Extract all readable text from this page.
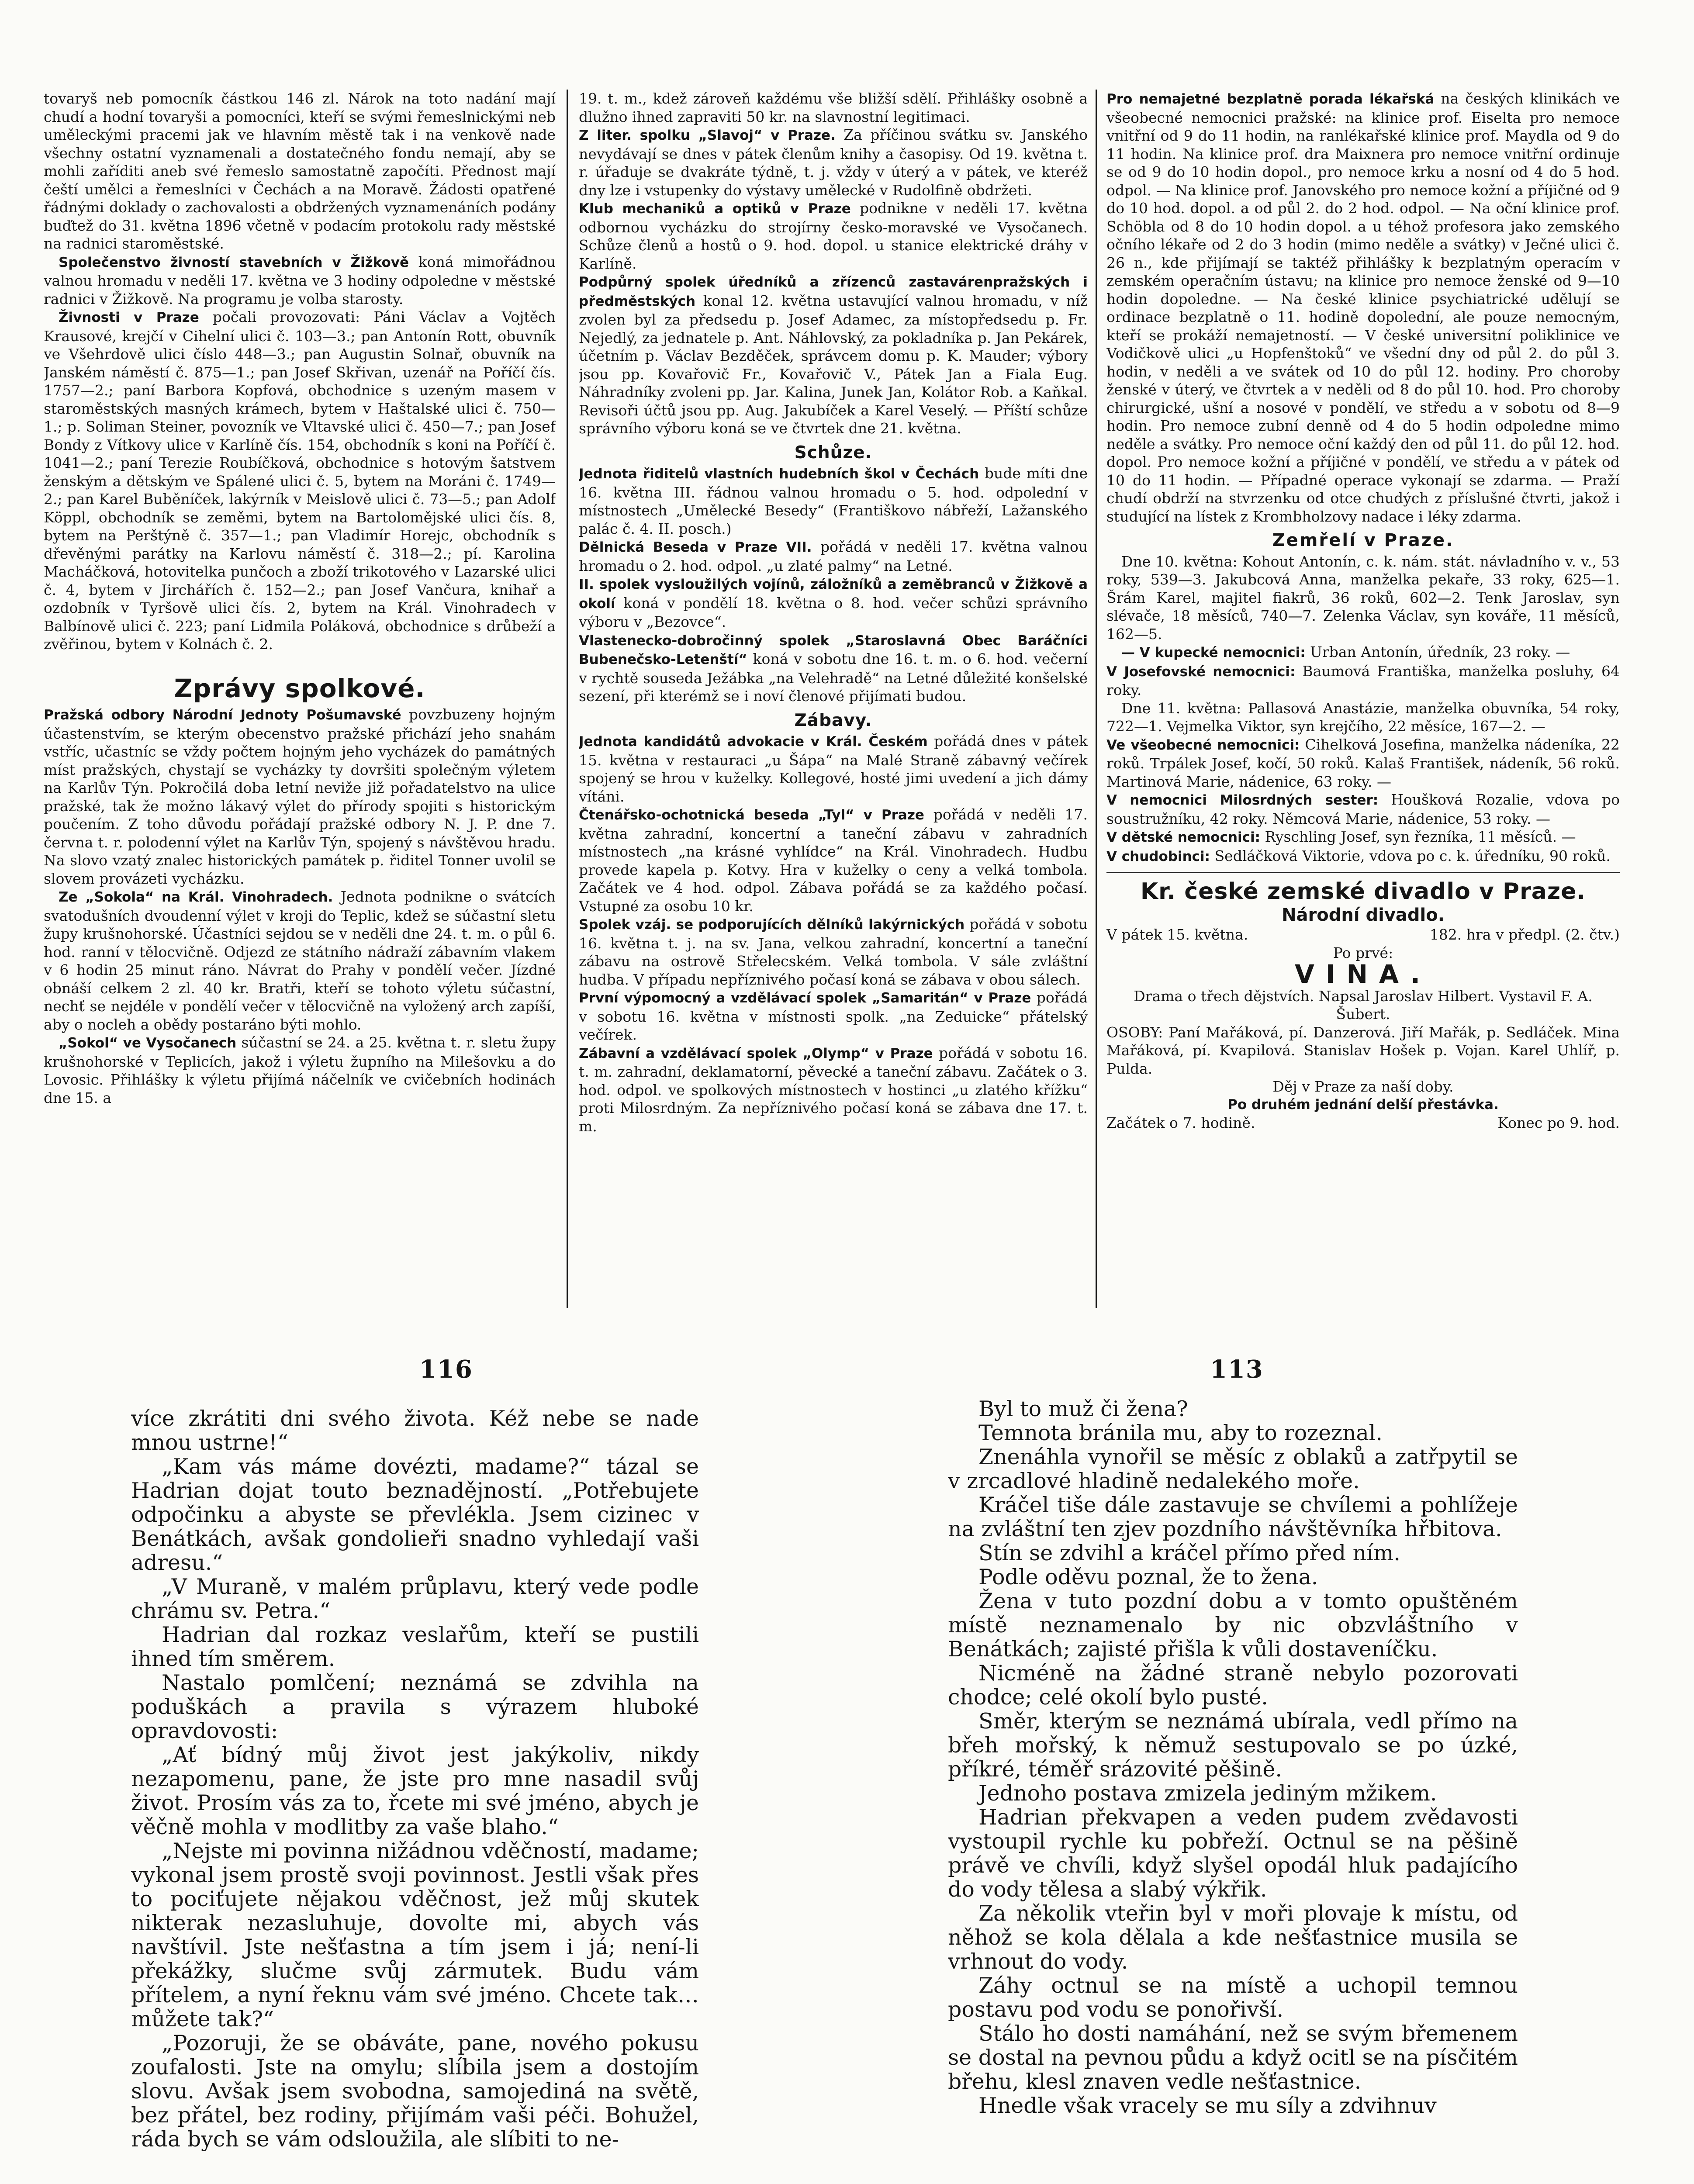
tovaryš neb pomocník částkou 146 zl. Nárok na toto nadání mají chudí a hodní tovaryši a pomocníci, kteří se svými řemeslnickými neb uměleckými pracemi jak ve hlavním městě tak i na venkově nade všechny ostatní vyznamenali a dostatečného fondu nemají, aby se mohli zaříditi aneb své řemeslo samostatně započíti. Přednost mají čeští umělci a řemeslníci v Čechách a na Moravě. Žádosti opatřené řádnými doklady o zachovalosti a obdržených vyznamenáních podány buďtež do 31. května 1896 včetně v podacím protokolu rady městské na radnici staroměstské.

Společenstvo živností stavebních v Žižkově koná mimořádnou valnou hromadu v neděli 17. května ve 3 hodiny odpoledne v městské radnici v Žižkově. Na programu je volba starosty.

Živnosti v Praze počali provozovati: Páni Václav a Vojtěch Krausové, krejčí v Cihelní ulici č. 103—3.; pan Antonín Rott, obuvník ve Všehrdově ulici číslo 448—3.; pan Augustin Solnař, obuvník na Janském náměstí č. 875—1.; pan Josef Skřivan, uzenář na Poříčí čís. 1757—2.; paní Barbora Kopfová, obchodnice s uzeným masem v staroměstských masných krámech, bytem v Haštalské ulici č. 750—1.; p. Soliman Steiner, povozník ve Vltavské ulici č. 450—7.; pan Josef Bondy z Vítkovy ulice v Karlíně čís. 154, obchodník s koni na Poříčí č. 1041—2.; paní Terezie Roubíčková, obchodnice s hotovým šatstvem ženským a dětským ve Spálené ulici č. 5, bytem na Moráni č. 1749—2.; pan Karel Buběníček, lakýrník v Meislově ulici č. 73—5.; pan Adolf Köppl, obchodník se zeměmi, bytem na Bartolomějské ulici čís. 8, bytem na Perštýně č. 357—1.; pan Vladimír Horejc, obchodník s dřevěnými parátky na Karlovu náměstí č. 318—2.; pí. Karolina Macháčková, hotovitelka punčoch a zboží trikotového v Lazarské ulici č. 4, bytem v Jirchářích č. 152—2.; pan Josef Vančura, knihař a ozdobník v Tyršově ulici čís. 2, bytem na Král. Vinohradech v Balbínově ulici č. 223; paní Lidmila Poláková, obchodnice s drůbeží a zvěřinou, bytem v Kolnách č. 2.

Zprávy spolkové.

Pražská odbory Národní Jednoty Pošumavské povzbuzeny hojným účastenstvím, se kterým obecenstvo pražské přichází jeho snahám vstříc, učastníc se vždy počtem hojným jeho vycházek do památných míst pražských, chystají se vycházky ty dovršiti společným výletem na Karlův Týn. Pokročilá doba letní neviže již pořadatelstvo na ulice pražské, tak že možno lákavý výlet do přírody spojiti s historickým poučením. Z toho důvodu pořádají pražské odbory N. J. P. dne 7. června t. r. polodenní výlet na Karlův Týn, spojený s návštěvou hradu. Na slovo vzatý znalec historických památek p. řiditel Tonner uvolil se slovem provázeti vycházku.

Ze „Sokola“ na Král. Vinohradech. Jednota podnikne o svátcích svatodušních dvoudenní výlet v kroji do Teplic, kdež se súčastní sletu župy krušnohorské. Účastníci sejdou se v neděli dne 24. t. m. o půl 6. hod. ranní v tělocvičně. Odjezd ze státního nádraží zábavním vlakem v 6 hodin 25 minut ráno. Návrat do Prahy v pondělí večer. Jízdné obnáší celkem 2 zl. 40 kr. Bratři, kteří se tohoto výletu súčastní, nechť se nejdéle v pondělí večer v tělocvičně na vyložený arch zapíší, aby o nocleh a obědy postaráno býti mohlo.

„Sokol“ ve Vysočanech súčastní se 24. a 25. května t. r. sletu župy krušnohorské v Teplicích, jakož i výletu župního na Milešovku a do Lovosic. Přihlášky k výletu přijímá náčelník ve cvičebních hodinách dne 15. a

19. t. m., kdež zároveň každému vše bližší sdělí. Přihlášky osobně a dlužno ihned zapraviti 50 kr. na slavnostní legitimaci.

Z liter. spolku „Slavoj“ v Praze. Za příčinou svátku sv. Janského nevydávají se dnes v pátek členům knihy a časopisy. Od 19. května t. r. úřaduje se dvakráte týdně, t. j. vždy v úterý a v pátek, ve kteréž dny lze i vstupenky do výstavy umělecké v Rudolfině obdržeti.

Klub mechaniků a optiků v Praze podnikne v neděli 17. května odbornou vycházku do strojírny česko-moravské ve Vysočanech. Schůze členů a hostů o 9. hod. dopol. u stanice elektrické dráhy v Karlíně.

Podpůrný spolek úředníků a zřízenců zastavárenpražských i předměstských konal 12. května ustavující valnou hromadu, v níž zvolen byl za předsedu p. Josef Adamec, za místopředsedu p. Fr. Nejedlý, za jednatele p. Ant. Náhlovský, za pokladníka p. Jan Pekárek, účetním p. Václav Bezděček, správcem domu p. K. Mauder; výbory jsou pp. Kovařovič Fr., Kovařovič V., Pátek Jan a Fiala Eug. Náhradníky zvoleni pp. Jar. Kalina, Junek Jan, Kolátor Rob. a Kaňkal. Revisoři účtů jsou pp. Aug. Jakubíček a Karel Veselý. — Příští schůze správního výboru koná se ve čtvrtek dne 21. května.

Schůze.

Jednota řiditelů vlastních hudebních škol v Čechách bude míti dne 16. května III. řádnou valnou hromadu o 5. hod. odpolední v místnostech „Umělecké Besedy“ (Františkovo nábřeží, Lažanského palác č. 4. II. posch.)

Dělnická Beseda v Praze VII. pořádá v neděli 17. května valnou hromadu o 2. hod. odpol. „u zlaté palmy“ na Letné.

II. spolek vysloužilých vojínů, záložníků a zeměbranců v Žižkově a okolí koná v pondělí 18. května o 8. hod. večer schůzi správního výboru v „Bezovce“.

Vlastenecko-dobročinný spolek „Staroslavná Obec Baráčníci Bubenečsko-Letenští“ koná v sobotu dne 16. t. m. o 6. hod. večerní v rychtě souseda Ježábka „na Velehradě“ na Letné důležité konšelské sezení, při kterémž se i noví členové přijímati budou.

Zábavy.

Jednota kandidátů advokacie v Král. Českém pořádá dnes v pátek 15. května v restauraci „u Šápa“ na Malé Straně zábavný večírek spojený se hrou v kuželky. Kollegové, hosté jimi uvedení a jich dámy vítáni.

Čtenářsko-ochotnická beseda „Tyl“ v Praze pořádá v neděli 17. května zahradní, koncertní a taneční zábavu v zahradních místnostech „na krásné vyhlídce“ na Král. Vinohradech. Hudbu provede kapela p. Kotvy. Hra v kuželky o ceny a velká tombola. Začátek ve 4 hod. odpol. Zábava pořádá se za každého počasí. Vstupné za osobu 10 kr.

Spolek vzáj. se podporujících dělníků lakýrnických pořádá v sobotu 16. května t. j. na sv. Jana, velkou zahradní, koncertní a taneční zábavu na ostrově Střelecském. Velká tombola. V sále zvláštní hudba. V případu nepříznivého počasí koná se zábava v obou sálech.

První výpomocný a vzdělávací spolek „Samaritán“ v Praze pořádá v sobotu 16. května v místnosti spolk. „na Zeduicke“ přátelský večírek.

Zábavní a vzdělávací spolek „Olymp“ v Praze pořádá v sobotu 16. t. m. zahradní, deklamatorní, pěvecké a taneční zábavu. Začátek o 3. hod. odpol. ve spolkových místnostech v hostinci „u zlatého křížku“ proti Milosrdným. Za nepříznivého počasí koná se zábava dne 17. t. m.

Pro nemajetné bezplatně porada lékařská na českých klinikách ve všeobecné nemocnici pražské: na klinice prof. Eiselta pro nemoce vnitřní od 9 do 11 hodin, na ranlékařské klinice prof. Maydla od 9 do 11 hodin. Na klinice prof. dra Maixnera pro nemoce vnitřní ordinuje se od 9 do 10 hodin dopol., pro nemoce krku a nosní od 4 do 5 hod. odpol. — Na klinice prof. Janovského pro nemoce kožní a příjičné od 9 do 10 hod. dopol. a od půl 2. do 2 hod. odpol. — Na oční klinice prof. Schöbla od 8 do 10 hodin dopol. a u téhož profesora jako zemského očního lékaře od 2 do 3 hodin (mimo neděle a svátky) v Ječné ulici č. 26 n., kde přijímají se taktéž přihlášky k bezplatným operacím v zemském operačním ústavu; na klinice pro nemoce ženské od 9—10 hodin dopoledne. — Na české klinice psychiatrické udělují se ordinace bezplatně o 11. hodině dopolední, ale pouze nemocným, kteří se prokáží nemajetností. — V české universitní poliklinice ve Vodičkově ulici „u Hopfenštoků“ ve všední dny od půl 2. do půl 3. hodin, v neděli a ve svátek od 10 do půl 12. hodiny. Pro choroby ženské v úterý, ve čtvrtek a v neděli od 8 do půl 10. hod. Pro choroby chirurgické, ušní a nosové v pondělí, ve středu a v sobotu od 8—9 hodin. Pro nemoce zubní denně od 4 do 5 hodin odpoledne mimo neděle a svátky. Pro nemoce oční každý den od půl 11. do půl 12. hod. dopol. Pro nemoce kožní a příjičné v pondělí, ve středu a v pátek od 10 do 11 hodin. — Případné operace vykonají se zdarma. — Praží chudí obdrží na stvrzenku od otce chudých z příslušné čtvrti, jakož i studující na lístek z Krombholzovy nadace i léky zdarma.

Zemřelí v Praze.

Dne 10. května: Kohout Antonín, c. k. nám. stát. návladního v. v., 53 roky, 539—3. Jakubcová Anna, manželka pekaře, 33 roky, 625—1. Šrám Karel, majitel fiakrů, 36 roků, 602—2. Tenk Jaroslav, syn slévače, 18 měsíců, 740—7. Zelenka Václav, syn kováře, 11 měsíců, 162—5.

— V kupecké nemocnici: Urban Antonín, úředník, 23 roky. —

V Josefovské nemocnici: Baumová Františka, manželka posluhy, 64 roky.

Dne 11. května: Pallasová Anastázie, manželka obuvníka, 54 roky, 722—1. Vejmelka Viktor, syn krejčího, 22 měsíce, 167—2. —

Ve všeobecné nemocnici: Cihelková Josefina, manželka nádeníka, 22 roků. Trpálek Josef, kočí, 50 roků. Kalaš František, nádeník, 56 roků. Martinová Marie, nádenice, 63 roky. —

V nemocnici Milosrdných sester: Houšková Rozalie, vdova po soustružníku, 42 roky. Němcová Marie, nádenice, 53 roky. —

V dětské nemocnici: Ryschling Josef, syn řezníka, 11 měsíců. —

V chudobinci: Sedláčková Viktorie, vdova po c. k. úředníku, 90 roků.

Kr. české zemské divadlo v Praze.
Národní divadlo.
V pátek 15. května.	182. hra v předpl. (2. čtv.)
Po prvé:
VINA.

Drama o třech dějstvích. Napsal Jaroslav Hilbert. Vystavil F. A. Šubert.

OSOBY: Paní Mařáková, pí. Danzerová. Jiří Mařák, p. Sedláček. Mina Mařáková, pí. Kvapilová. Stanislav Hošek p. Vojan. Karel Uhlíř, p. Pulda.

Děj v Praze za naší doby.

Po druhém jednání delší přestávka.

Začátek o 7. hodině.	Konec po 9. hod.
116	113

více zkrátiti dni svého života. Kéž nebe se nade mnou ustrne!“

„Kam vás máme dovézti, madame?“ tázal se Hadrian dojat touto beznadějností. „Potřebujete odpočinku a abyste se převlékla. Jsem cizinec v Benátkách, avšak gondolieři snadno vyhledají vaši adresu.“

„V Muraně, v malém průplavu, který vede podle chrámu sv. Petra.“

Hadrian dal rozkaz veslařům, kteří se pustili ihned tím směrem.

Nastalo pomlčení; neznámá se zdvihla na poduškách a pravila s výrazem hluboké opravdovosti:

„Ať bídný můj život jest jakýkoliv, nikdy nezapomenu, pane, že jste pro mne nasadil svůj život. Prosím vás za to, řcete mi své jméno, abych je věčně mohla v modlitby za vaše blaho.“

„Nejste mi povinna nižádnou vděčností, madame; vykonal jsem prostě svoji povinnost. Jestli však přes to pociťujete nějakou vděčnost, jež můj skutek nikterak nezasluhuje, dovolte mi, abych vás navštívil. Jste nešťastna a tím jsem i já; není-li překážky, slučme svůj zármutek. Budu vám přítelem, a nyní řeknu vám své jméno. Chcete tak… můžete tak?“

„Pozoruji, že se obáváte, pane, nového pokusu zoufalosti. Jste na omylu; slíbila jsem a dostojím slovu. Avšak jsem svobodna, samojediná na světě, bez přátel, bez rodiny, přijímám vaši péči. Bohužel, ráda bych se vám odsloužila, ale slíbiti to ne-

Byl to muž či žena?

Temnota bránila mu, aby to rozeznal.

Znenáhla vynořil se měsíc z oblaků a zatřpytil se v zrcadlové hladině nedalekého moře.

Kráčel tiše dále zastavuje se chvílemi a pohlížeje na zvláštní ten zjev pozdního návštěvníka hřbitova.

Stín se zdvihl a kráčel přímo před ním.

Podle oděvu poznal, že to žena.

Žena v tuto pozdní dobu a v tomto opuštěném místě neznamenalo by nic obzvláštního v Benátkách; zajisté přišla k vůli dostaveníčku.

Nicméně na žádné straně nebylo pozorovati chodce; celé okolí bylo pusté.

Směr, kterým se neznámá ubírala, vedl přímo na břeh mořský, k němuž sestupovalo se po úzké, příkré, téměř srázovité pěšině.

Jednoho postava zmizela jediným mžikem.

Hadrian překvapen a veden pudem zvědavosti vystoupil rychle ku pobřeží. Octnul se na pěšině právě ve chvíli, když slyšel opodál hluk padajícího do vody tělesa a slabý výkřik.

Za několik vteřin byl v moři plovaje k místu, od něhož se kola dělala a kde nešťastnice musila se vrhnout do vody.

Záhy octnul se na místě a uchopil temnou postavu pod vodu se ponořivší.

Stálo ho dosti namáhání, než se svým břemenem se dostal na pevnou půdu a když ocitl se na písčitém břehu, klesl znaven vedle nešťastnice.

Hnedle však vracely se mu síly a zdvihnuv
